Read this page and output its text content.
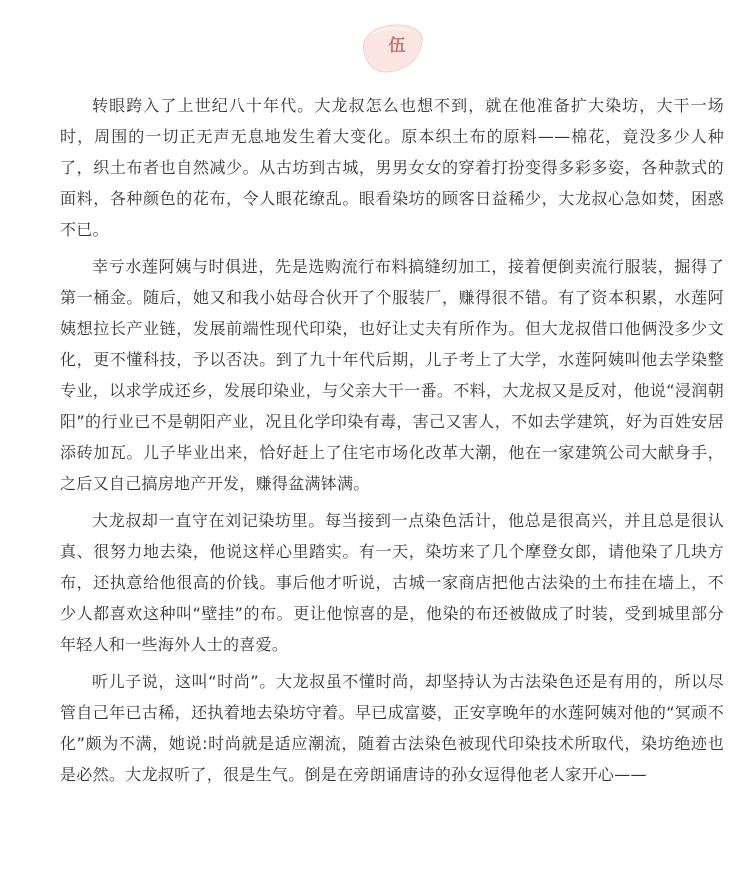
伍

转眼跨入了上世纪八十年代。大龙叔怎么也想不到，就在他准备扩大染坊，大干一场时，周围的一切正无声无息地发生着大变化。原本织土布的原料——棉花，竟没多少人种了，织土布者也自然减少。从古坊到古城，男男女女的穿着打扮变得多彩多姿，各种款式的面料，各种颜色的花布，令人眼花缭乱。眼看染坊的顾客日益稀少，大龙叔心急如焚，困惑不已。

幸亏水莲阿姨与时俱进，先是选购流行布料搞缝纫加工，接着便倒卖流行服装，掘得了第一桶金。随后，她又和我小姑母合伙开了个服装厂，赚得很不错。有了资本积累，水莲阿姨想拉长产业链，发展前端性现代印染，也好让丈夫有所作为。但大龙叔借口他俩没多少文化，更不懂科技，予以否决。到了九十年代后期，儿子考上了大学，水莲阿姨叫他去学染整专业，以求学成还乡，发展印染业，与父亲大干一番。不料，大龙叔又是反对，他说“浸润朝阳”的行业已不是朝阳产业，况且化学印染有毒，害己又害人，不如去学建筑，好为百姓安居添砖加瓦。儿子毕业出来，恰好赶上了住宅市场化改革大潮，他在一家建筑公司大献身手，之后又自己搞房地产开发，赚得盆满钵满。

大龙叔却一直守在刘记染坊里。每当接到一点染色活计，他总是很高兴，并且总是很认真、很努力地去染，他说这样心里踏实。有一天，染坊来了几个摩登女郎，请他染了几块方布，还执意给他很高的价钱。事后他才听说，古城一家商店把他古法染的土布挂在墙上，不少人都喜欢这种叫“壁挂”的布。更让他惊喜的是，他染的布还被做成了时装，受到城里部分年轻人和一些海外人士的喜爱。

听儿子说，这叫“时尚”。大龙叔虽不懂时尚，却坚持认为古法染色还是有用的，所以尽管自己年已古稀，还执着地去染坊守着。早已成富婆，正安享晚年的水莲阿姨对他的“冥顽不化”颇为不满，她说:时尚就是适应潮流，随着古法染色被现代印染技术所取代，染坊绝迹也是必然。大龙叔听了，很是生气。倒是在旁朗诵唐诗的孙女逗得他老人家开心——
